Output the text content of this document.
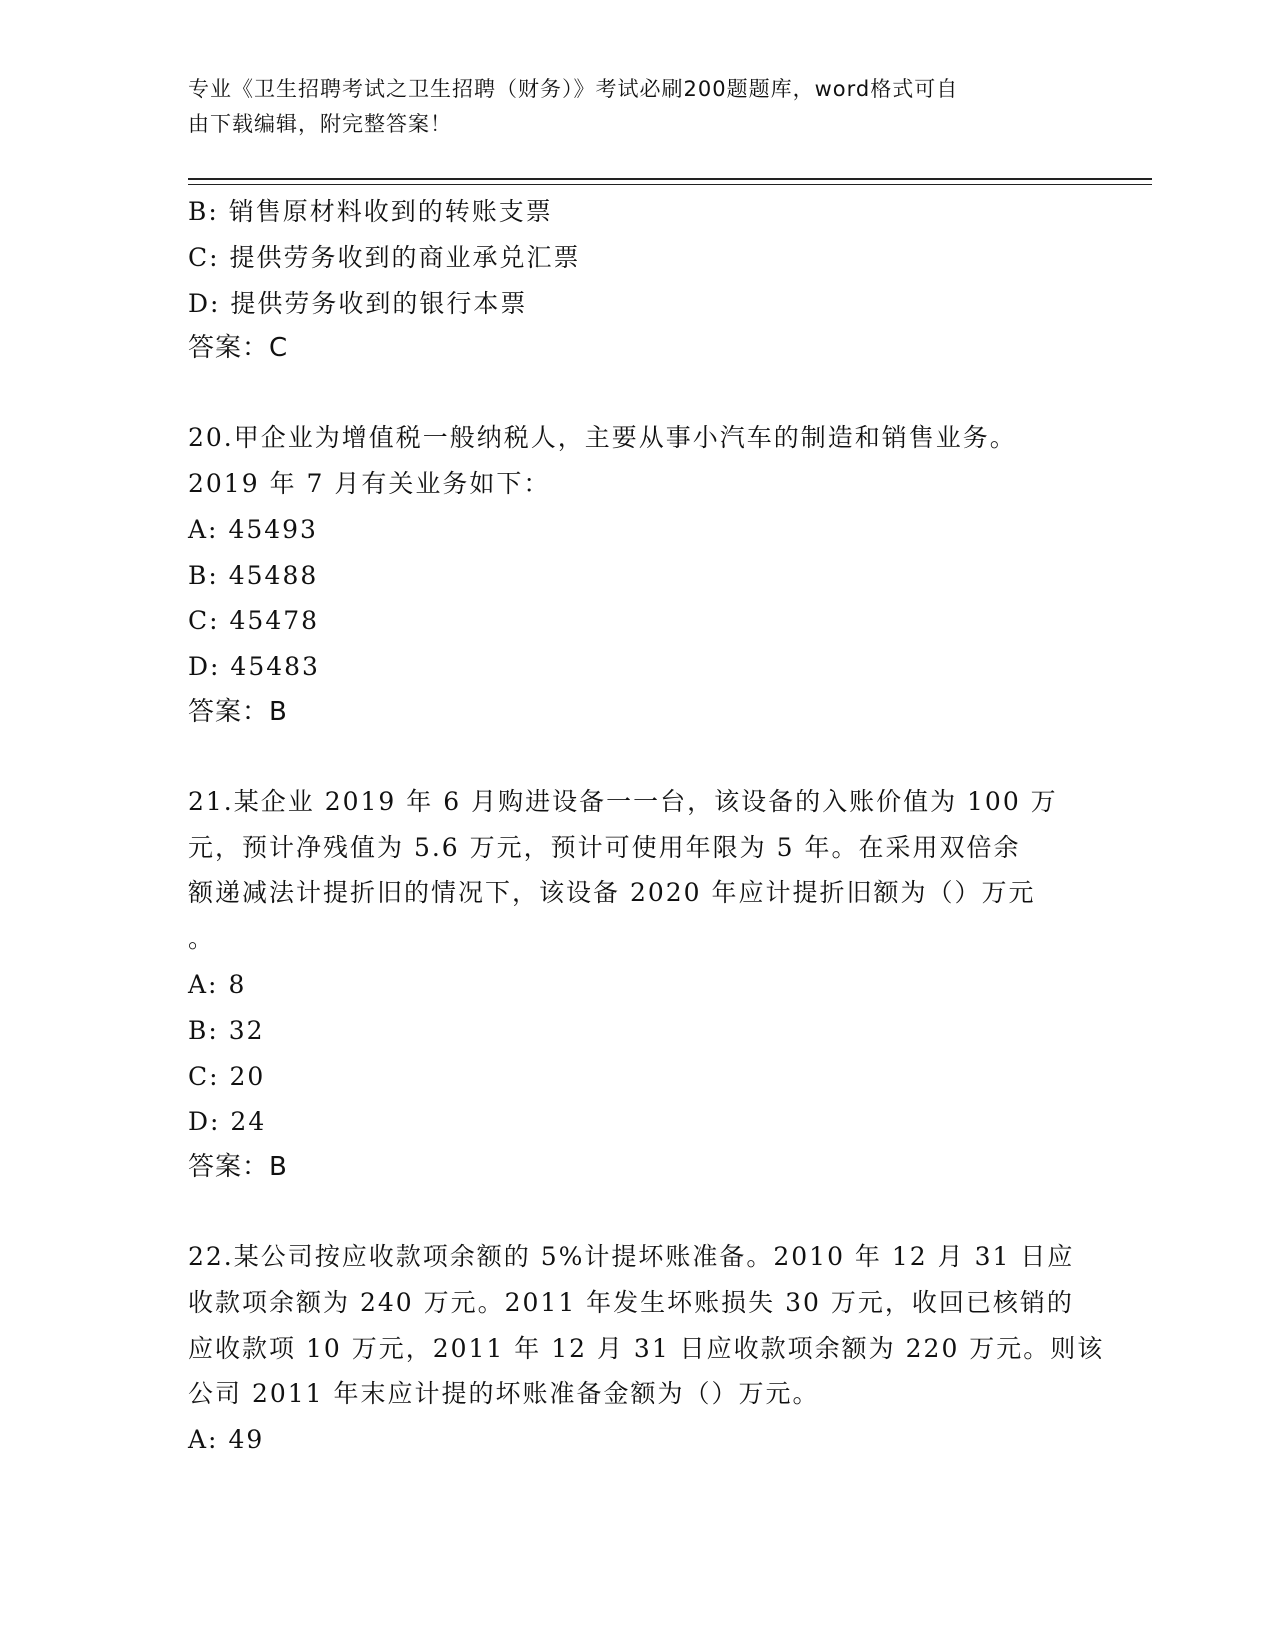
专业《卫生招聘考试之卫生招聘（财务）》考试必刷200题题库，word格式可自
由下载编辑，附完整答案！
B: 销售原材料收到的转账支票
C: 提供劳务收到的商业承兑汇票
D: 提供劳务收到的银行本票
答案：C
20.甲企业为增值税一般纳税人，主要从事小汽车的制造和销售业务。
2019 年 7 月有关业务如下：
A: 45493
B: 45488
C: 45478
D: 45483
答案：B
21.某企业 2019 年 6 月购进设备一一台，该设备的入账价值为 100 万
元，预计净残值为 5.6 万元，预计可使用年限为 5 年。在采用双倍余
额递减法计提折旧的情况下，该设备 2020 年应计提折旧额为（）万元
。
A: 8
B: 32
C: 20
D: 24
答案：B
22.某公司按应收款项余额的 5%计提坏账准备。2010 年 12 月 31 日应
收款项余额为 240 万元。2011 年发生坏账损失 30 万元，收回已核销的
应收款项 10 万元，2011 年 12 月 31 日应收款项余额为 220 万元。则该
公司 2011 年末应计提的坏账准备金额为（）万元。
A: 49
